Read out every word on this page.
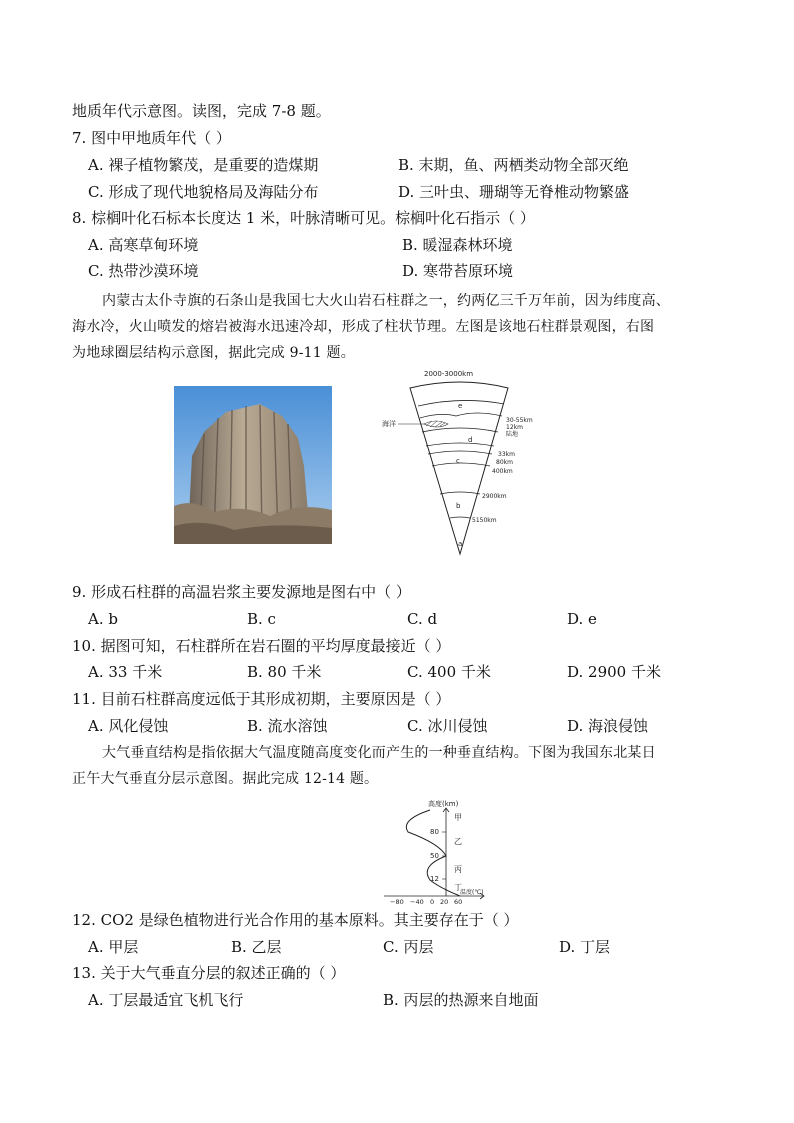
地质年代示意图。读图，完成 7-8 题。
7. 图中甲地质年代（ ）
A. 裸子植物繁茂，是重要的造煤期	B. 末期，鱼、两栖类动物全部灭绝
C. 形成了现代地貌格局及海陆分布	D. 三叶虫、珊瑚等无脊椎动物繁盛
8. 棕榈叶化石标本长度达 1 米，叶脉清晰可见。棕榈叶化石指示（ ）
A. 高寒草甸环境	B. 暖湿森林环境
C. 热带沙漠环境	D. 寒带苔原环境
内蒙古太仆寺旗的石条山是我国七大火山岩石柱群之一，约两亿三千万年前，因为纬度高、
海水冷，火山喷发的熔岩被海水迅速冷却，形成了柱状节理。左图是该地石柱群景观图，右图
为地球圈层结构示意图，据此完成 9-11 题。
2000-3000km
海洋
e
d
c
b
a
30-55km
12km
陆地
33km
80km
400km
2900km
5150km
9. 形成石柱群的高温岩浆主要发源地是图右中（ ）
A. b	B. c	C. d	D. e
10. 据图可知，石柱群所在岩石圈的平均厚度最接近（ ）
A. 33 千米	B. 80 千米	C. 400 千米	D. 2900 千米
11. 目前石柱群高度远低于其形成初期，主要原因是（ ）
A. 风化侵蚀	B. 流水溶蚀	C. 冰川侵蚀	D. 海浪侵蚀
大气垂直结构是指依据大气温度随高度变化而产生的一种垂直结构。下图为我国东北某日
正午大气垂直分层示意图。据此完成 12-14 题。
高度(km)
80
50
12
甲
乙
丙
丁
温度(℃)
−80 −40 0 20 60
12. CO2 是绿色植物进行光合作用的基本原料。其主要存在于（ ）
A. 甲层	B. 乙层	C. 丙层	D. 丁层
13. 关于大气垂直分层的叙述正确的（ ）
A. 丁层最适宜飞机飞行	B. 丙层的热源来自地面
